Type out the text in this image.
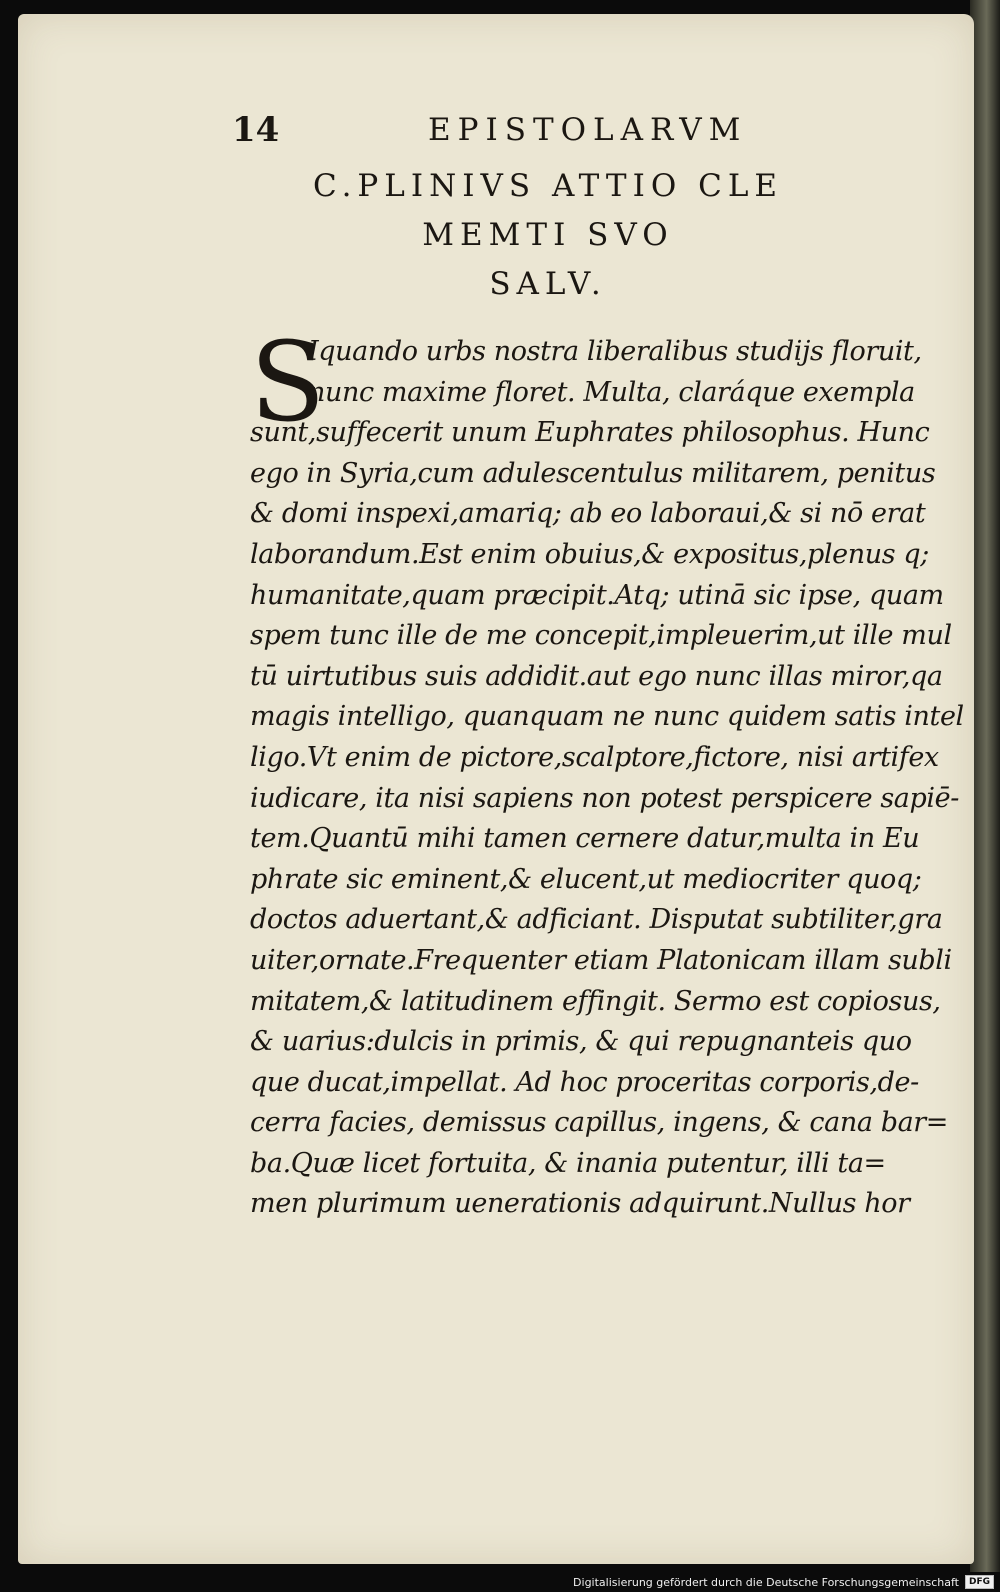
14	EPISTOLARVM

C.PLINIVS ATTIO CLE

MEMTI SVO

SALV.

S

Iquando urbs nostra liberalibus studijs floruit,

nunc maxime floret. Multa, claráque exempla

sunt,suffecerit unum Euphrates philosophus. Hunc

ego in Syria,cum adulescentulus militarem, penitus

& domi inspexi,amariq; ab eo laboraui,& si nō erat

laborandum.Est enim obuius,& expositus,plenus q;

humanitate,quam præcipit.Atq; utinā sic ipse, quam

spem tunc ille de me concepit,impleuerim,ut ille mul

tū uirtutibus suis addidit.aut ego nunc illas miror,qa

magis intelligo, quanquam ne nunc quidem satis intel

ligo.Vt enim de pictore,scalptore,fictore, nisi artifex

iudicare, ita nisi sapiens non potest perspicere sapiē-

tem.Quantū mihi tamen cernere datur,multa in Eu

phrate sic eminent,& elucent,ut mediocriter quoq;

doctos aduertant,& adficiant. Disputat subtiliter,gra

uiter,ornate.Frequenter etiam Platonicam illam subli

mitatem,& latitudinem effingit. Sermo est copiosus,

& uarius:dulcis in primis, & qui repugnanteis quo

que ducat,impellat. Ad hoc proceritas corporis,de-

cerra facies, demissus capillus, ingens, & cana bar=

ba.Quæ licet fortuita, & inania putentur, illi ta=

men plurimum uenerationis adquirunt.Nullus hor

Digitalisierung gefördert durch die Deutsche Forschungsgemeinschaft	DFG
